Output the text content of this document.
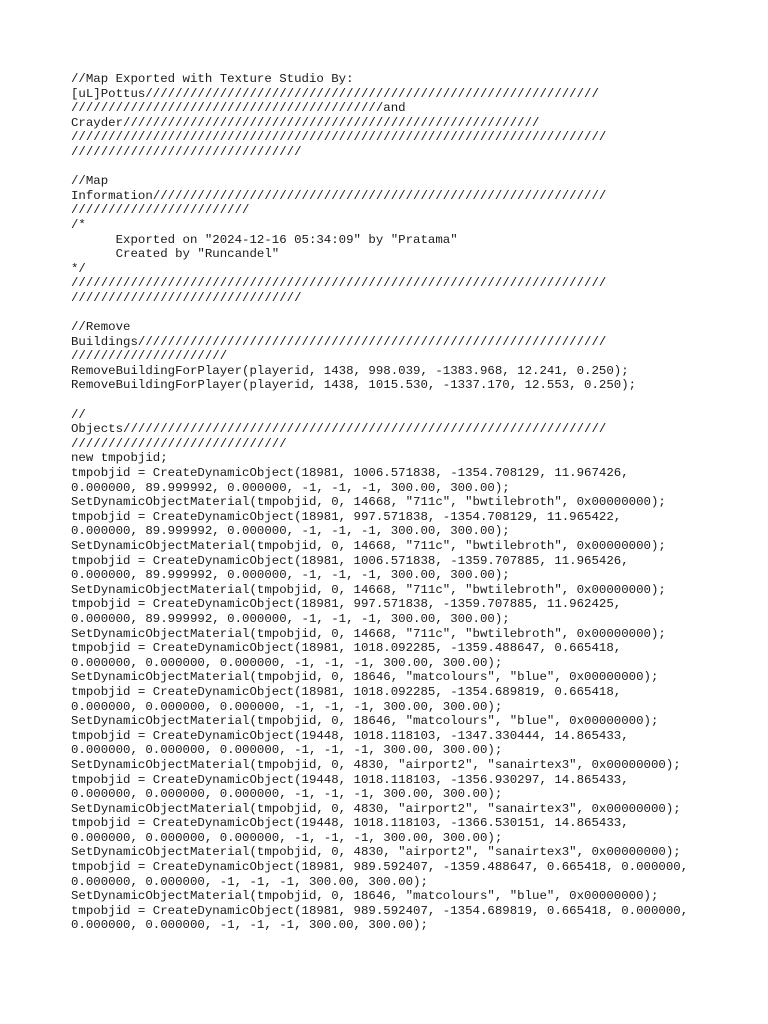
//Map Exported with Texture Studio By:
[uL]Pottus/////////////////////////////////////////////////////////////
//////////////////////////////////////////and
Crayder////////////////////////////////////////////////////////
////////////////////////////////////////////////////////////////////////
///////////////////////////////
//Map
Information/////////////////////////////////////////////////////////////
////////////////////////
/*
Exported on "2024-12-16 05:34:09" by "Pratama"
Created by "Runcandel"
*/
////////////////////////////////////////////////////////////////////////
///////////////////////////////
//Remove
Buildings///////////////////////////////////////////////////////////////
/////////////////////
RemoveBuildingForPlayer(playerid, 1438, 998.039, -1383.968, 12.241, 0.250);
RemoveBuildingForPlayer(playerid, 1438, 1015.530, -1337.170, 12.553, 0.250);
//
Objects/////////////////////////////////////////////////////////////////
/////////////////////////////
new tmpobjid;
tmpobjid = CreateDynamicObject(18981, 1006.571838, -1354.708129, 11.967426,
0.000000, 89.999992, 0.000000, -1, -1, -1, 300.00, 300.00);
SetDynamicObjectMaterial(tmpobjid, 0, 14668, "711c", "bwtilebroth", 0x00000000);
tmpobjid = CreateDynamicObject(18981, 997.571838, -1354.708129, 11.965422,
0.000000, 89.999992, 0.000000, -1, -1, -1, 300.00, 300.00);
SetDynamicObjectMaterial(tmpobjid, 0, 14668, "711c", "bwtilebroth", 0x00000000);
tmpobjid = CreateDynamicObject(18981, 1006.571838, -1359.707885, 11.965426,
0.000000, 89.999992, 0.000000, -1, -1, -1, 300.00, 300.00);
SetDynamicObjectMaterial(tmpobjid, 0, 14668, "711c", "bwtilebroth", 0x00000000);
tmpobjid = CreateDynamicObject(18981, 997.571838, -1359.707885, 11.962425,
0.000000, 89.999992, 0.000000, -1, -1, -1, 300.00, 300.00);
SetDynamicObjectMaterial(tmpobjid, 0, 14668, "711c", "bwtilebroth", 0x00000000);
tmpobjid = CreateDynamicObject(18981, 1018.092285, -1359.488647, 0.665418,
0.000000, 0.000000, 0.000000, -1, -1, -1, 300.00, 300.00);
SetDynamicObjectMaterial(tmpobjid, 0, 18646, "matcolours", "blue", 0x00000000);
tmpobjid = CreateDynamicObject(18981, 1018.092285, -1354.689819, 0.665418,
0.000000, 0.000000, 0.000000, -1, -1, -1, 300.00, 300.00);
SetDynamicObjectMaterial(tmpobjid, 0, 18646, "matcolours", "blue", 0x00000000);
tmpobjid = CreateDynamicObject(19448, 1018.118103, -1347.330444, 14.865433,
0.000000, 0.000000, 0.000000, -1, -1, -1, 300.00, 300.00);
SetDynamicObjectMaterial(tmpobjid, 0, 4830, "airport2", "sanairtex3", 0x00000000);
tmpobjid = CreateDynamicObject(19448, 1018.118103, -1356.930297, 14.865433,
0.000000, 0.000000, 0.000000, -1, -1, -1, 300.00, 300.00);
SetDynamicObjectMaterial(tmpobjid, 0, 4830, "airport2", "sanairtex3", 0x00000000);
tmpobjid = CreateDynamicObject(19448, 1018.118103, -1366.530151, 14.865433,
0.000000, 0.000000, 0.000000, -1, -1, -1, 300.00, 300.00);
SetDynamicObjectMaterial(tmpobjid, 0, 4830, "airport2", "sanairtex3", 0x00000000);
tmpobjid = CreateDynamicObject(18981, 989.592407, -1359.488647, 0.665418, 0.000000,
0.000000, 0.000000, -1, -1, -1, 300.00, 300.00);
SetDynamicObjectMaterial(tmpobjid, 0, 18646, "matcolours", "blue", 0x00000000);
tmpobjid = CreateDynamicObject(18981, 989.592407, -1354.689819, 0.665418, 0.000000,
0.000000, 0.000000, -1, -1, -1, 300.00, 300.00);
